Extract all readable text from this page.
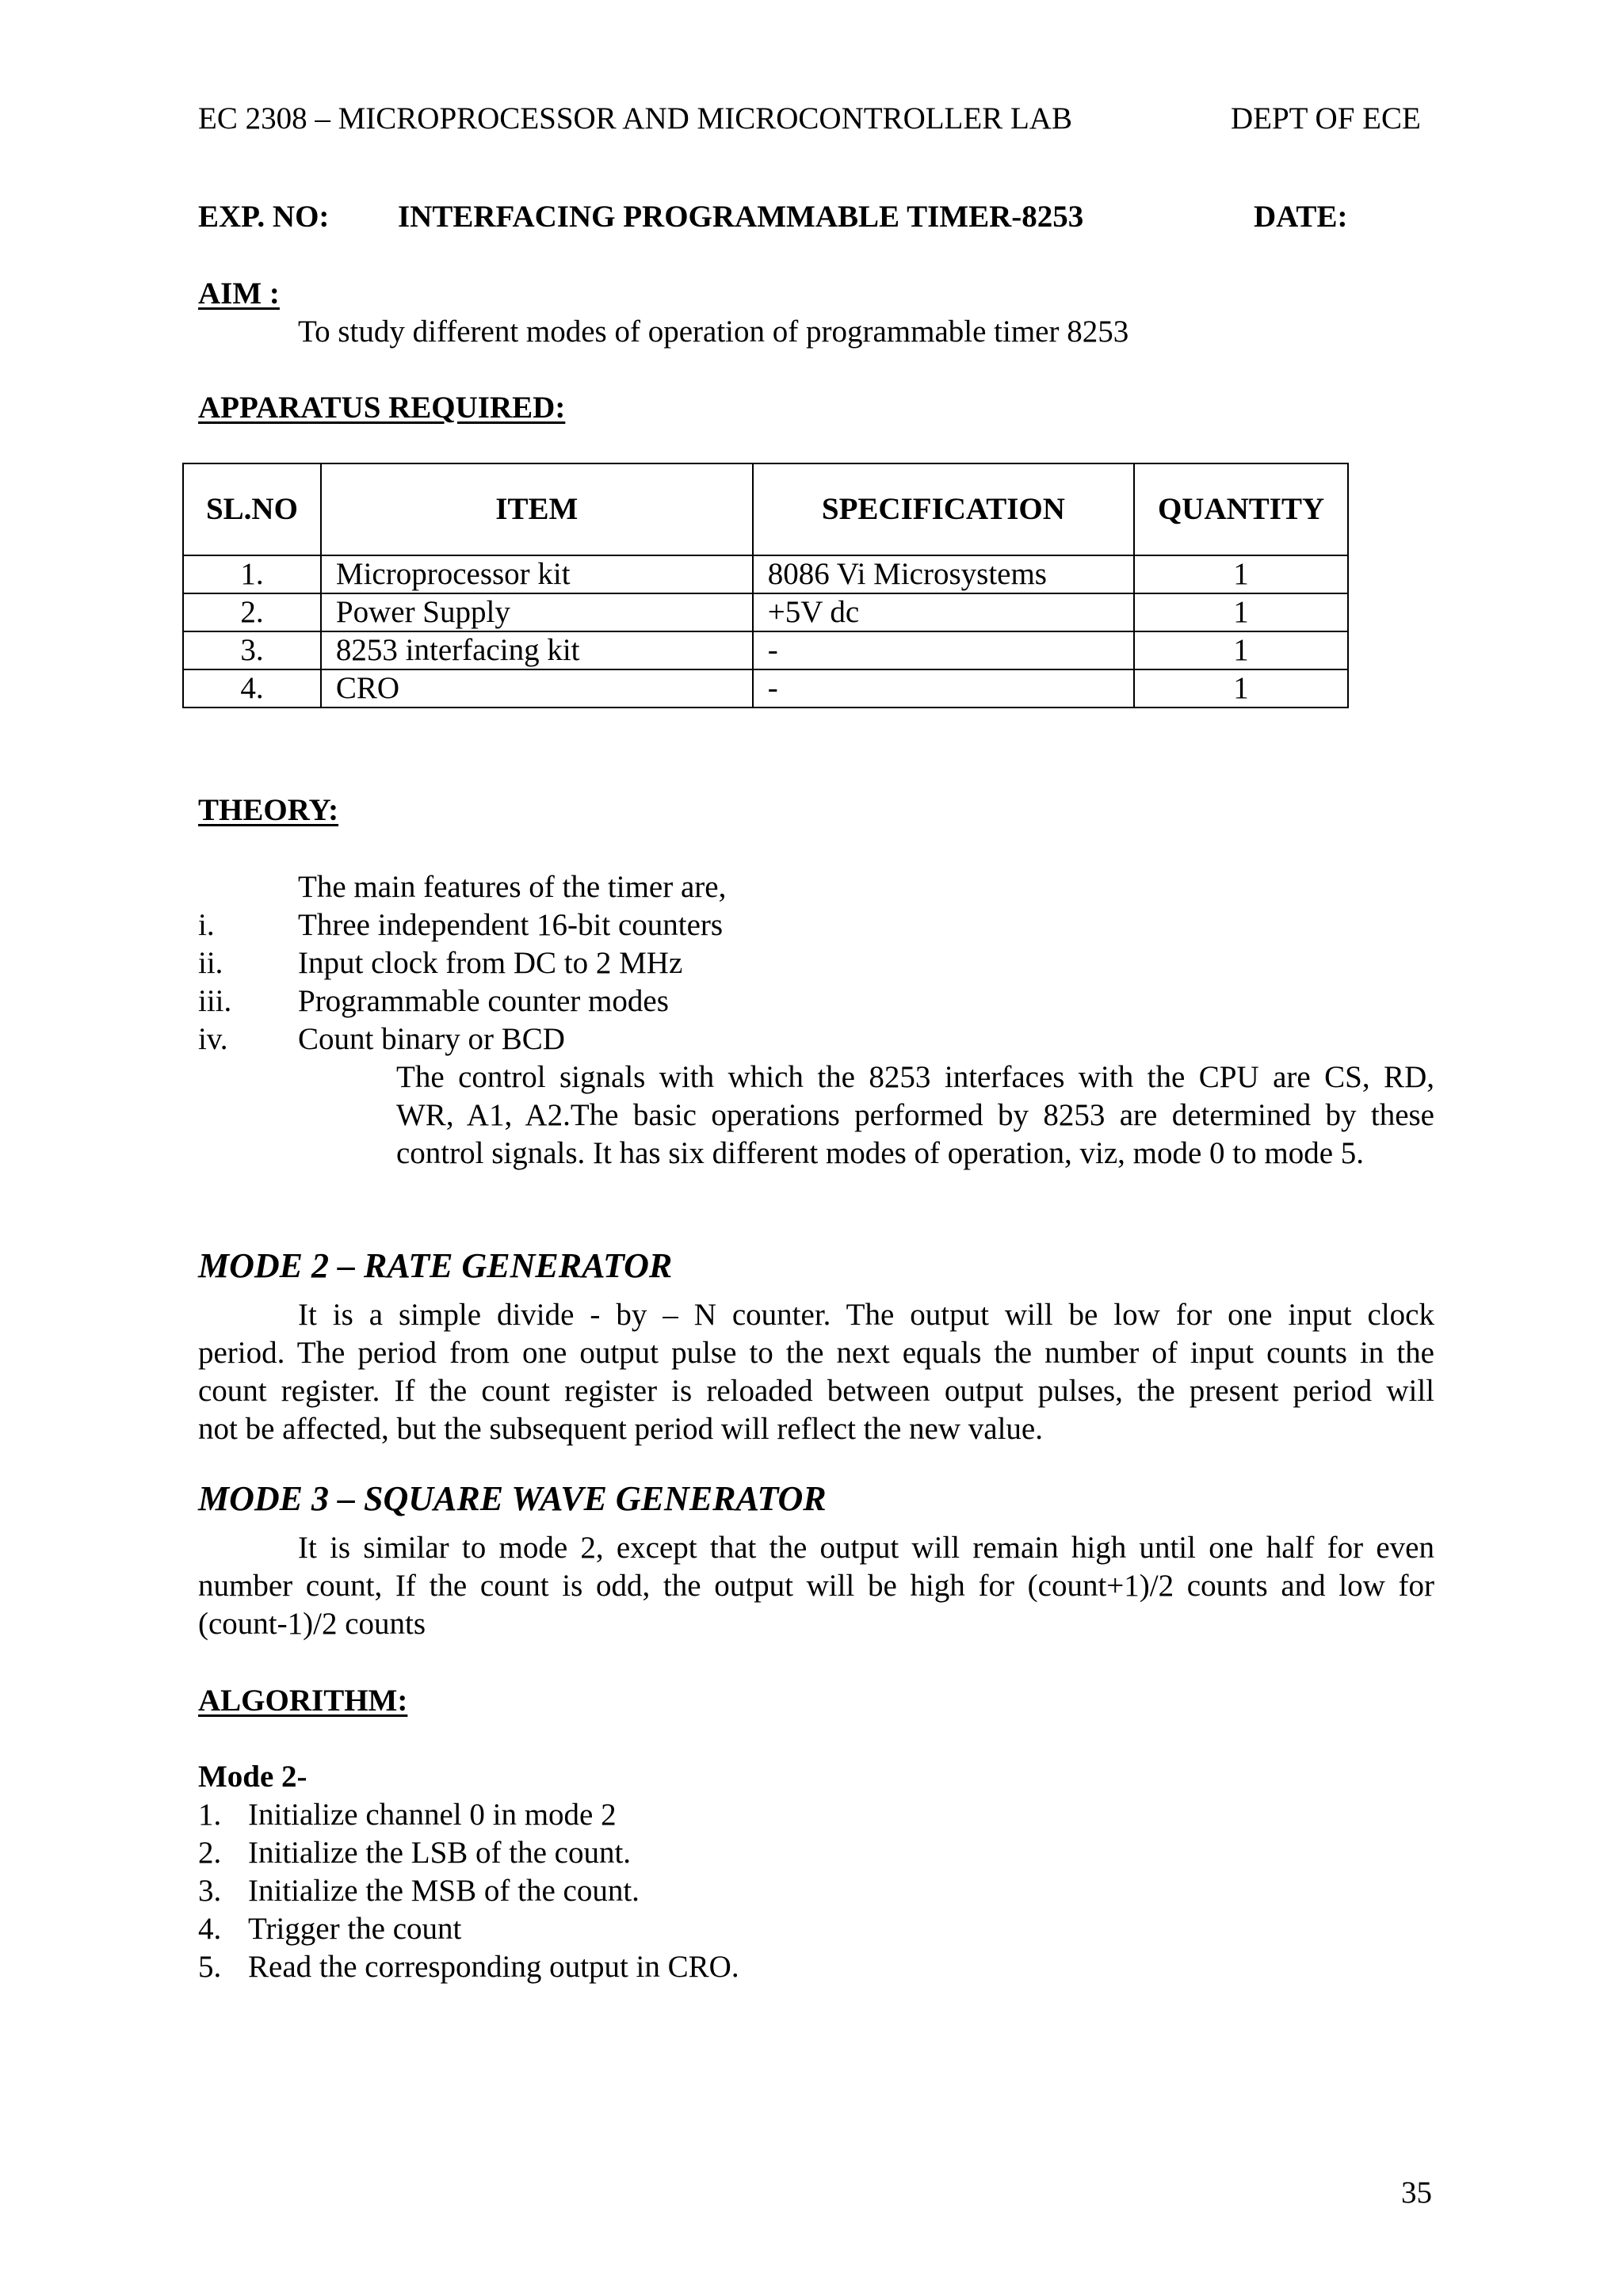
EC 2308 – MICROPROCESSOR AND MICROCONTROLLER LAB	DEPT OF ECE
EXP. NO: INTERFACING PROGRAMMABLE TIMER-8253	DATE:
AIM :
To study different modes of operation of programmable timer 8253
APPARATUS REQUIRED:
SL.NO	ITEM	SPECIFICATION	QUANTITY
1.	Microprocessor kit	8086 Vi Microsystems	1
2.	Power Supply	+5V dc	1
3.	8253 interfacing kit	-	1
4.	CRO	-	1
THEORY:
The main features of the timer are,
i.	Three independent 16-bit counters
ii. Input clock from DC to 2 MHz
iii. Programmable counter modes
iv. Count binary or BCD
The control signals with which the 8253 interfaces with the CPU are CS, RD,
WR, A1, A2.The basic operations performed by 8253 are determined by these
control signals. It has six different modes of operation, viz, mode 0 to mode 5.
MODE 2 – RATE GENERATOR
It is a simple divide - by – N counter. The output will be low for one input clock
period. The period from one output pulse to the next equals the number of input counts in the
count register. If the count register is reloaded between output pulses, the present period will
not be affected, but the subsequent period will reflect the new value.
MODE 3 – SQUARE WAVE GENERATOR
It is similar to mode 2, except that the output will remain high until one half for even
number count, If the count is odd, the output will be high for (count+1)/2 counts and low for
(count-1)/2 counts
ALGORITHM:
Mode 2-
1. Initialize channel 0 in mode 2
2. Initialize the LSB of the count.
3. Initialize the MSB of the count.
4. Trigger the count
5. Read the corresponding output in CRO.
35
